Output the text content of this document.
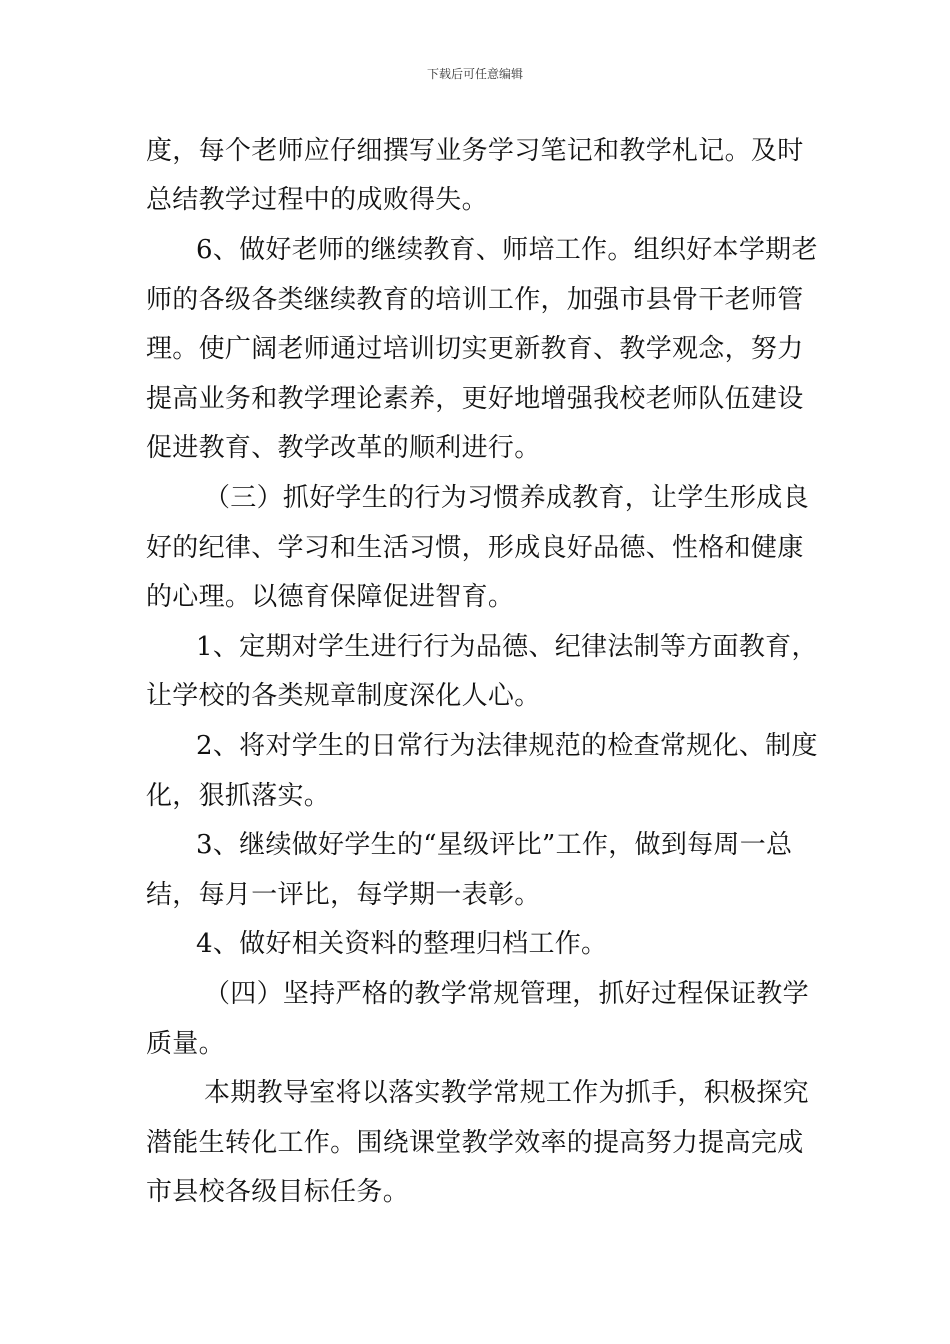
下载后可任意编辑
度，每个老师应仔细撰写业务学习笔记和教学札记。及时
总结教学过程中的成败得失。
6、做好老师的继续教育、师培工作。组织好本学期老
师的各级各类继续教育的培训工作，加强市县骨干老师管
理。使广阔老师通过培训切实更新教育、教学观念，努力
提高业务和教学理论素养，更好地增强我校老师队伍建设
促进教育、教学改革的顺利进行。
（三）抓好学生的行为习惯养成教育，让学生形成良
好的纪律、学习和生活习惯，形成良好品德、性格和健康
的心理。以德育保障促进智育。
1、定期对学生进行行为品德、纪律法制等方面教育，
让学校的各类规章制度深化人心。
2、将对学生的日常行为法律规范的检查常规化、制度
化，狠抓落实。
3、继续做好学生的“星级评比”工作，做到每周一总
结，每月一评比，每学期一表彰。
4、做好相关资料的整理归档工作。
（四）坚持严格的教学常规管理，抓好过程保证教学
质量。
本期教导室将以落实教学常规工作为抓手，积极探究
潜能生转化工作。围绕课堂教学效率的提高努力提高完成
市县校各级目标任务。
